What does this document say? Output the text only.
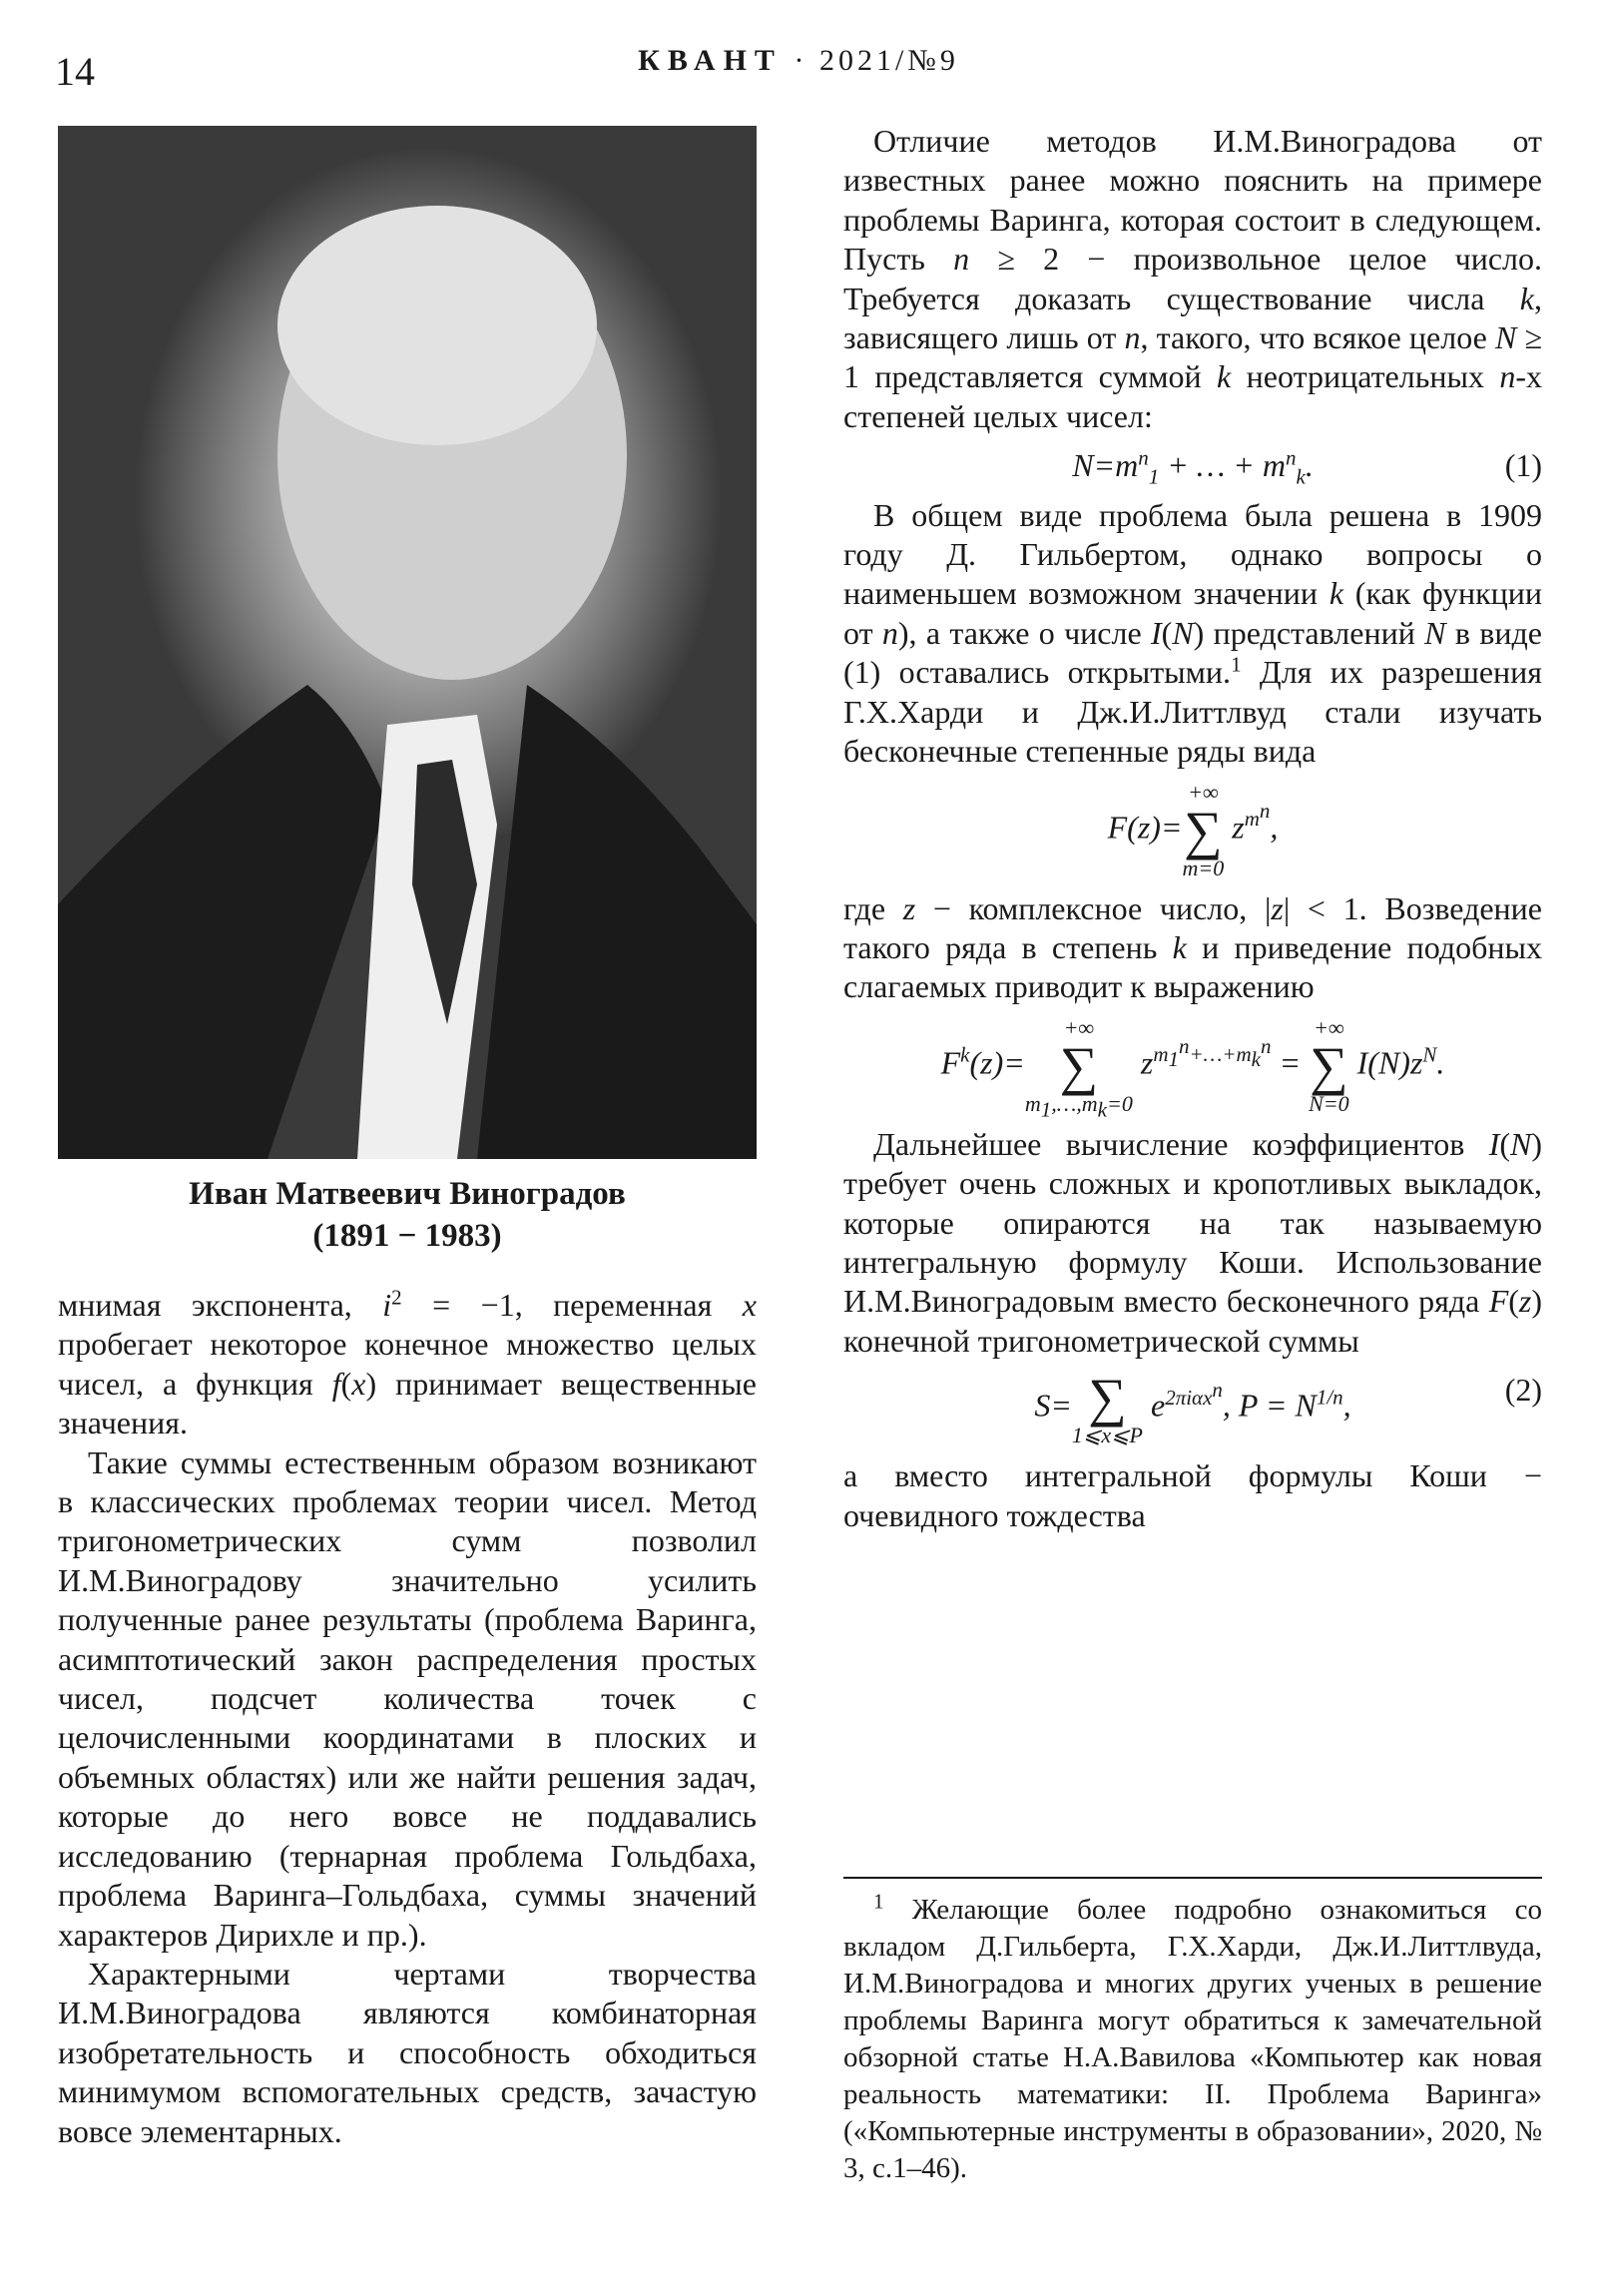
14	КВАНТ · 2021/№9
Иван Матвеевич Виноградов
(1891 − 1983)

мнимая экспонента, $i^2 = -1$, переменная x пробегает некоторое конечное множество целых чисел, а функция f(x) принимает вещественные значения.

Такие суммы естественным образом возникают в классических проблемах теории чисел. Метод тригонометрических сумм позволил И.М.Виноградову значительно усилить полученные ранее результаты (проблема Варинга, асимптотический закон распределения простых чисел, подсчет количества точек с целочисленными координатами в плоских и объемных областях) или же найти решения задач, которые до него вовсе не поддавались исследованию (тернарная проблема Гольдбаха, проблема Варинга–Гольдбаха, суммы значений характеров Дирихле и пр.).

Характерными чертами творчества И.М.Виноградова являются комбинаторная изобретательность и способность обходиться минимумом вспомогательных средств, зачастую вовсе элементарных.

Отличие методов И.М.Виноградова от известных ранее можно пояснить на примере проблемы Варинга, которая состоит в следующем. Пусть n ≥ 2 − произвольное целое число. Требуется доказать существование числа k, зависящего лишь от n, такого, что всякое целое N ≥ 1 представляется суммой k неотрицательных n-х степеней целых чисел:

$N=m^n_1$ + … + $m^n_k$.	(1)

В общем виде проблема была решена в 1909 году Д. Гильбертом, однако вопросы о наименьшем возможном значении k (как функции от n), а также о числе I(N) представлений N в виде (1) оставались открытыми.$^1$ Для их разрешения Г.Х.Харди и Дж.И.Литтлвуд стали изучать бесконечные степенные ряды вида

F(z)=
+∞
∑
m=0
$z^{m^n}$,

где z − комплексное число, |z| < 1. Возведение такого ряда в степень k и приведение подобных слагаемых приводит к выражению

$F^k(z)=$
+∞
∑
$m_1,\dots,m_k=0$
$z^{m_1^n+\dots+m_k^n}$ =
+∞
∑
N=0
$I(N)z^N$.

Дальнейшее вычисление коэффициентов I(N) требует очень сложных и кропотливых выкладок, которые опираются на так называемую интегральную формулу Коши. Использование И.М.Виноградовым вместо бесконечного ряда F(z) конечной тригонометрической суммы

S= ∑
1⩽x⩽P
$e^{2\pi i\alpha x^n}$, $P = N^{1/n}$,	(2)

а вместо интегральной формулы Коши − очевидного тождества

$^1$ Желающие более подробно ознакомиться со вкладом Д.Гильберта, Г.Х.Харди, Дж.И.Литтлвуда, И.М.Виноградова и многих других ученых в решение проблемы Варинга могут обратиться к замечательной обзорной статье Н.А.Вавилова «Компьютер как новая реальность математики: II. Проблема Варинга» («Компьютерные инструменты в образовании», 2020, № 3, с.1–46).
